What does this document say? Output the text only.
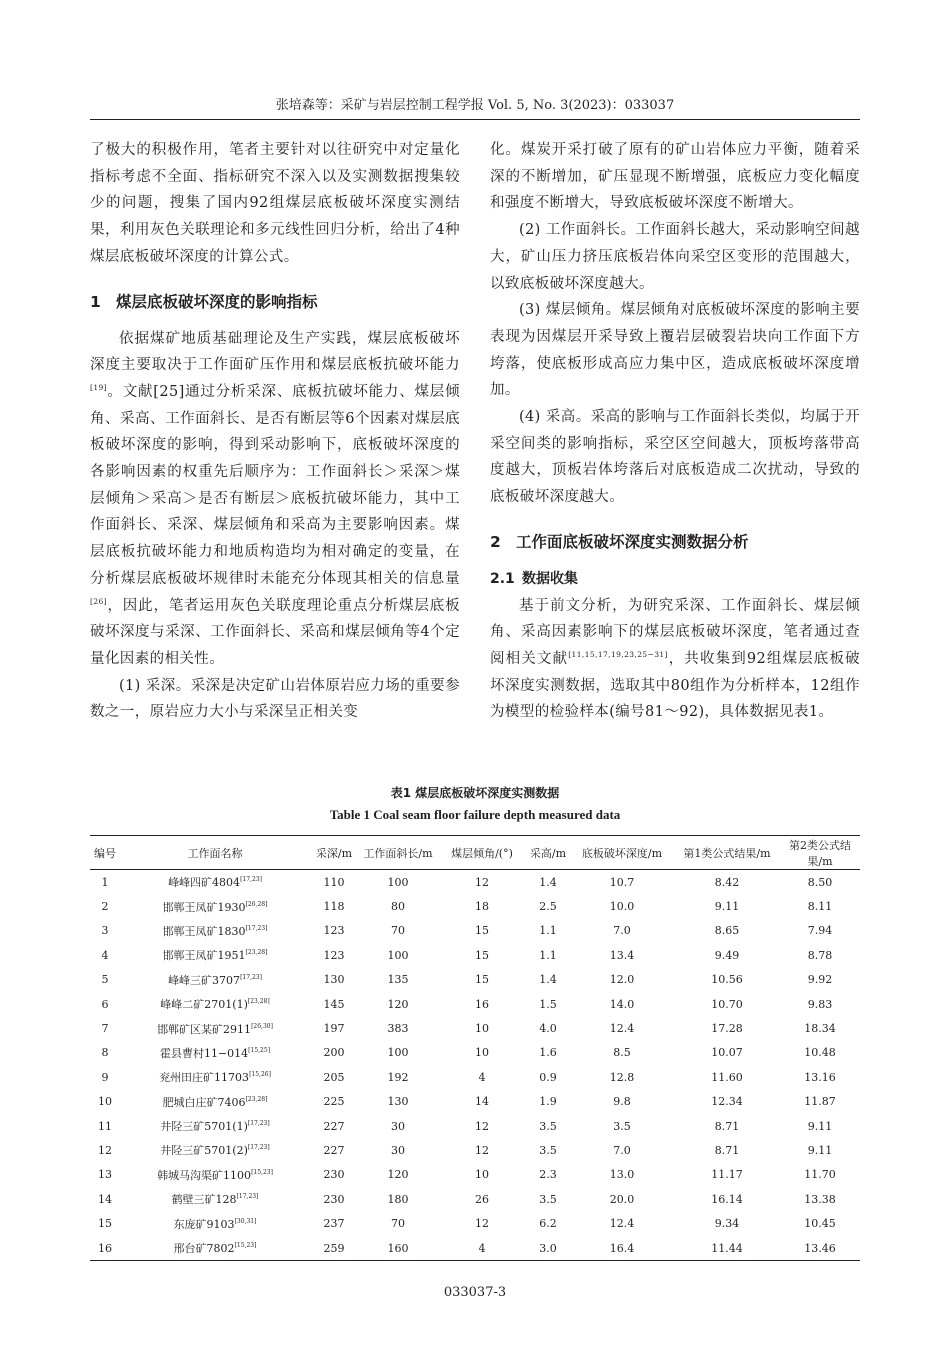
张培森等：采矿与岩层控制工程学报 Vol. 5, No. 3(2023)：033037

了极大的积极作用，笔者主要针对以往研究中对定量化指标考虑不全面、指标研究不深入以及实测数据搜集较少的问题，搜集了国内92组煤层底板破坏深度实测结果，利用灰色关联理论和多元线性回归分析，给出了4种煤层底板破坏深度的计算公式。

1 煤层底板破坏深度的影响指标

依据煤矿地质基础理论及生产实践，煤层底板破坏深度主要取决于工作面矿压作用和煤层底板抗破坏能力[19]。文献[25]通过分析采深、底板抗破坏能力、煤层倾角、采高、工作面斜长、是否有断层等6个因素对煤层底板破坏深度的影响，得到采动影响下，底板破坏深度的各影响因素的权重先后顺序为：工作面斜长＞采深＞煤层倾角＞采高＞是否有断层＞底板抗破坏能力，其中工作面斜长、采深、煤层倾角和采高为主要影响因素。煤层底板抗破坏能力和地质构造均为相对确定的变量，在分析煤层底板破坏规律时未能充分体现其相关的信息量[26]，因此，笔者运用灰色关联度理论重点分析煤层底板破坏深度与采深、工作面斜长、采高和煤层倾角等4个定量化因素的相关性。

(1) 采深。采深是决定矿山岩体原岩应力场的重要参数之一，原岩应力大小与采深呈正相关变

化。煤炭开采打破了原有的矿山岩体应力平衡，随着采深的不断增加，矿压显现不断增强，底板应力变化幅度和强度不断增大，导致底板破坏深度不断增大。

(2) 工作面斜长。工作面斜长越大，采动影响空间越大，矿山压力挤压底板岩体向采空区变形的范围越大，以致底板破坏深度越大。

(3) 煤层倾角。煤层倾角对底板破坏深度的影响主要表现为因煤层开采导致上覆岩层破裂岩块向工作面下方垮落，使底板形成高应力集中区，造成底板破坏深度增加。

(4) 采高。采高的影响与工作面斜长类似，均属于开采空间类的影响指标，采空区空间越大，顶板垮落带高度越大，顶板岩体垮落后对底板造成二次扰动，导致的底板破坏深度越大。

2 工作面底板破坏深度实测数据分析
2.1 数据收集

基于前文分析，为研究采深、工作面斜长、煤层倾角、采高因素影响下的煤层底板破坏深度，笔者通过查阅相关文献[11,15,17,19,23,25−31]，共收集到92组煤层底板破坏深度实测数据，选取其中80组作为分析样本，12组作为模型的检验样本(编号81～92)，具体数据见表1。

表1 煤层底板破坏深度实测数据
Table 1 Coal seam floor failure depth measured data
编号	工作面名称	采深/m	工作面斜长/m	煤层倾角/(°)	采高/m	底板破坏深度/m	第1类公式结果/m	第2类公式结果/m
1	峰峰四矿4804[17,23]	110	100	12	1.4	10.7	8.42	8.50
2	邯郸王凤矿1930[26,28]	118	80	18	2.5	10.0	9.11	8.11
3	邯郸王凤矿1830[17,23]	123	70	15	1.1	7.0	8.65	7.94
4	邯郸王凤矿1951[23,28]	123	100	15	1.1	13.4	9.49	8.78
5	峰峰三矿3707[17,23]	130	135	15	1.4	12.0	10.56	9.92
6	峰峰二矿2701(1)[23,28]	145	120	16	1.5	14.0	10.70	9.83
7	邯郸矿区某矿2911[26,30]	197	383	10	4.0	12.4	17.28	18.34
8	霍县曹村11−014[15,25]	200	100	10	1.6	8.5	10.07	10.48
9	兖州田庄矿11703[15,26]	205	192	4	0.9	12.8	11.60	13.16
10	肥城白庄矿7406[23,28]	225	130	14	1.9	9.8	12.34	11.87
11	井陉三矿5701(1)[17,23]	227	30	12	3.5	3.5	8.71	9.11
12	井陉三矿5701(2)[17,23]	227	30	12	3.5	7.0	8.71	9.11
13	韩城马沟渠矿1100[15,23]	230	120	10	2.3	13.0	11.17	11.70
14	鹤壁三矿128[17,23]	230	180	26	3.5	20.0	16.14	13.38
15	东庞矿9103[30,31]	237	70	12	6.2	12.4	9.34	10.45
16	邢台矿7802[15,23]	259	160	4	3.0	16.4	11.44	13.46
033037-3
